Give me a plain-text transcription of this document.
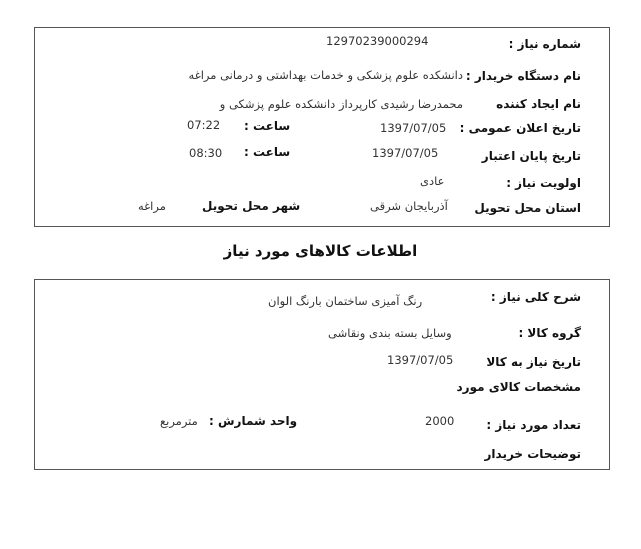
شماره نیاز :
12970239000294
نام دستگاه خریدار :
دانشکده علوم پزشکی و خدمات بهداشتی و درمانی مراغه
نام ایجاد کننده
محمدرضا رشیدی کارپرداز دانشکده علوم پزشکی و
تاریخ اعلان عمومی :
1397/07/05
ساعت :
07:22
تاریخ پایان اعتبار
1397/07/05
ساعت :
08:30
اولویت نیاز :
عادی
استان محل تحویل
آذربایجان شرقی
شهر محل تحویل
مراغه
اطلاعات کالاهای مورد نیاز
شرح کلی نیاز :
رنگ آمیزی ساختمان بارنگ الوان
گروه کالا :
وسایل بسته بندی ونقاشی
تاریخ نیاز به کالا
1397/07/05
مشخصات کالای مورد
تعداد مورد نیاز :
2000
واحد شمارش :
مترمربع
توضیحات خریدار
